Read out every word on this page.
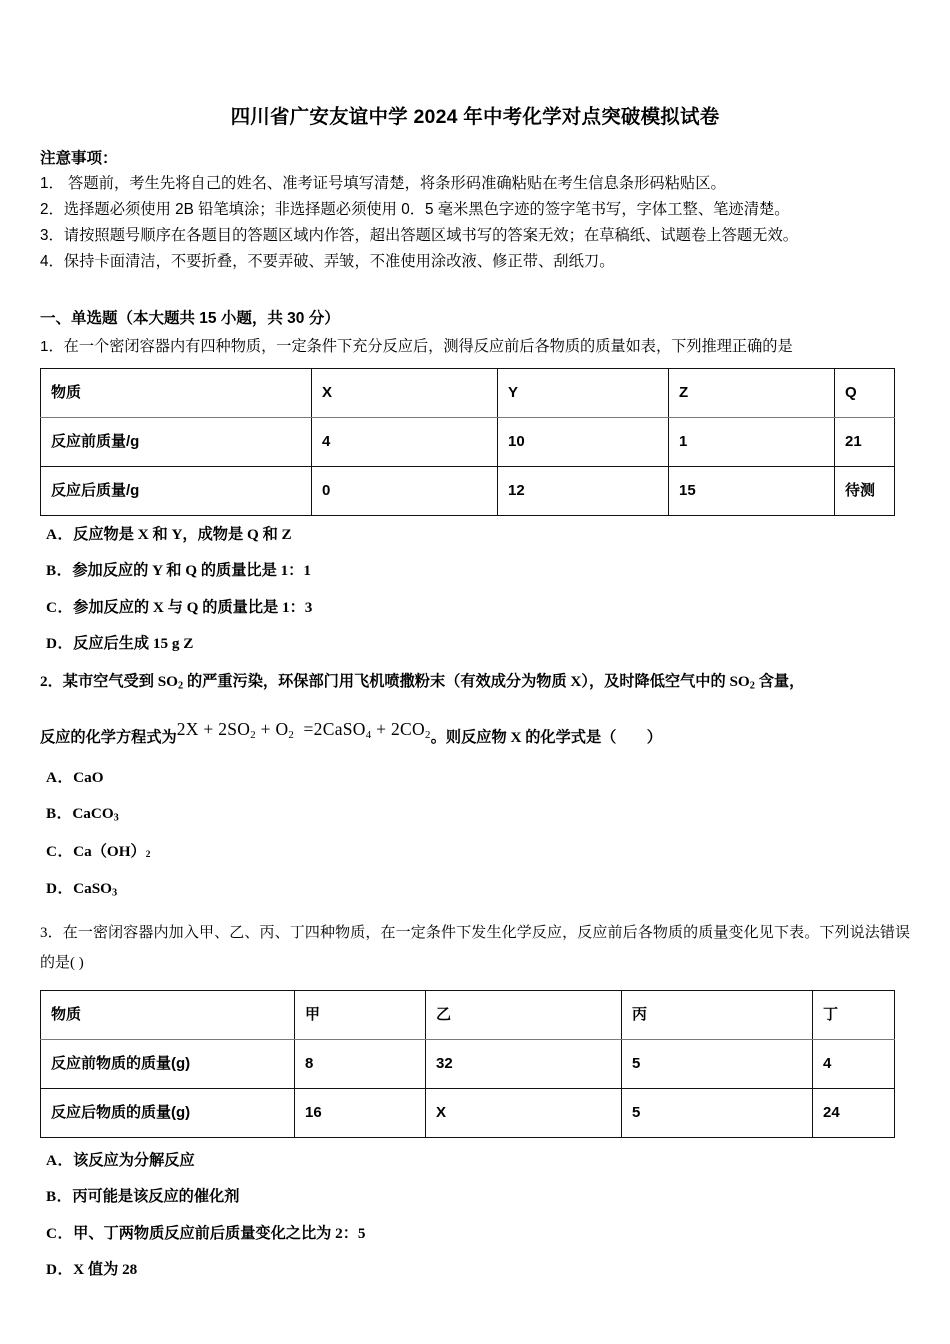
四川省广安友谊中学 2024 年中考化学对点突破模拟试卷
注意事项：
1． 答题前，考生先将自己的姓名、准考证号填写清楚，将条形码准确粘贴在考生信息条形码粘贴区。
2．选择题必须使用 2B 铅笔填涂；非选择题必须使用 0．5 毫米黑色字迹的签字笔书写，字体工整、笔迹清楚。
3．请按照题号顺序在各题目的答题区域内作答，超出答题区域书写的答案无效；在草稿纸、试题卷上答题无效。
4．保持卡面清洁，不要折叠，不要弄破、弄皱，不准使用涂改液、修正带、刮纸刀。
一、单选题（本大题共 15 小题，共 30 分）
1．在一个密闭容器内有四种物质，一定条件下充分反应后，测得反应前后各物质的质量如表，下列推理正确的是
物质	X	Y	Z	Q
反应前质量/g	4	10	1	21
反应后质量/g	0	12	15	待测
A．反应物是 X 和 Y，成物是 Q 和 Z
B．参加反应的 Y 和 Q 的质量比是 1：1
C．参加反应的 X 与 Q 的质量比是 1：3
D．反应后生成 15 g Z
2．某市空气受到 $SO_2$ 的严重污染，环保部门用飞机喷撒粉末（有效成分为物质 X），及时降低空气中的 $SO_2$ 含量，
反应的化学方程式为$2X + 2SO_2 + O_2$  =2CaSO$_4$ + $2CO_2$。则反应物 X 的化学式是（　　）
A．CaO
B．CaCO$_3$
C．Ca（OH）2
D．CaSO$_3$
3．在一密闭容器内加入甲、乙、丙、丁四种物质，在一定条件下发生化学反应，反应前后各物质的质量变化见下表。下列说法错误的是( )
物质	甲	乙	丙	丁
反应前物质的质量(g)	8	32	5	4
反应后物质的质量(g)	16	X	5	24
A．该反应为分解反应
B．丙可能是该反应的催化剂
C．甲、丁两物质反应前后质量变化之比为 2：5
D．X 值为 28
